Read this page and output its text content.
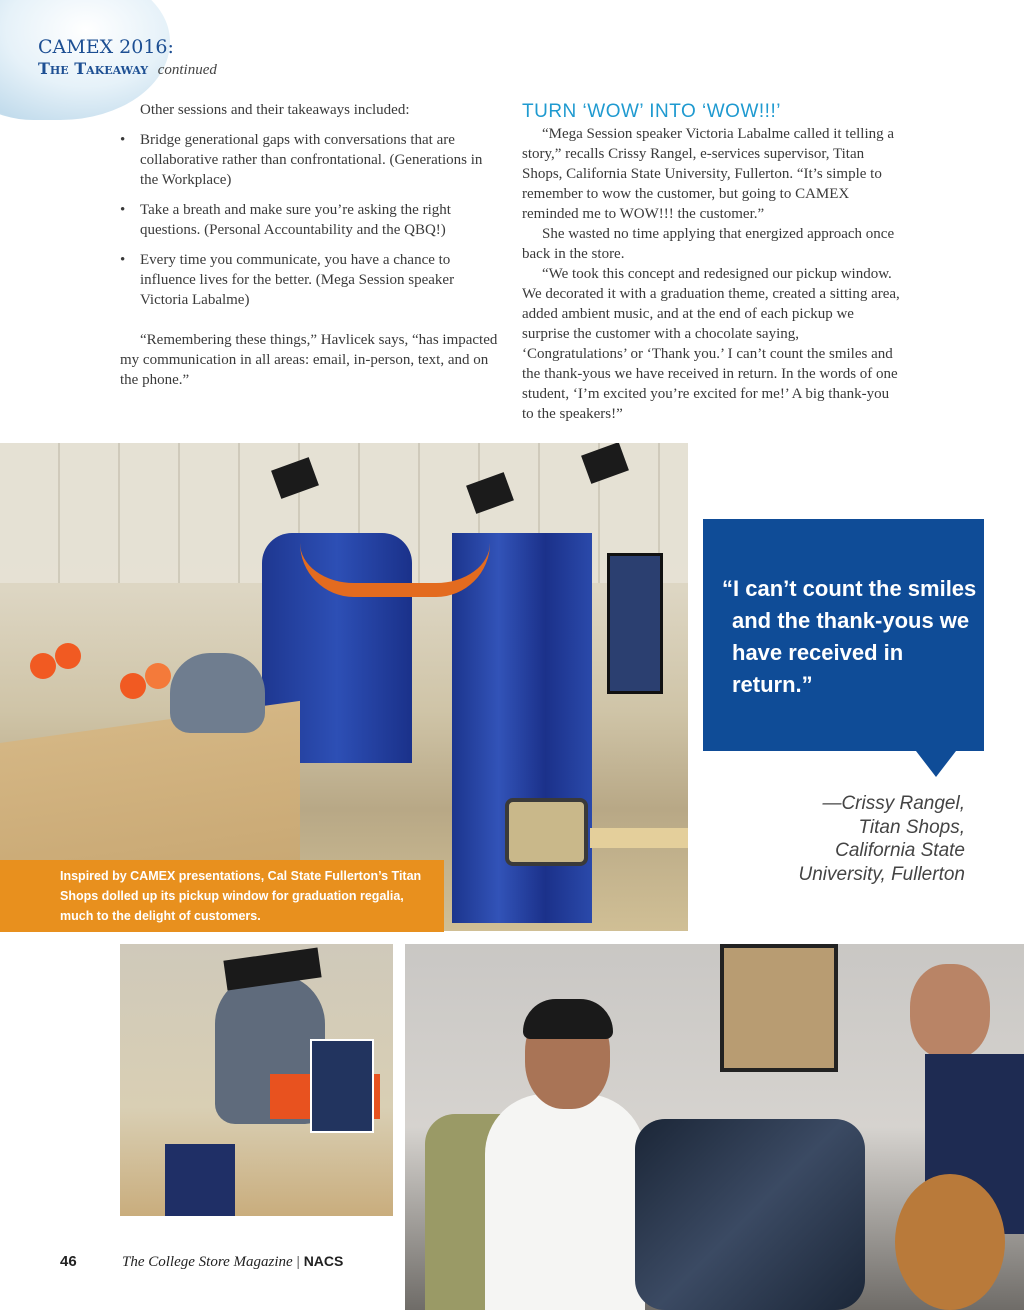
CAMEX 2016:
The Takeaway continued

Other sessions and their takeaways included:

• Bridge generational gaps with conversations that are collaborative rather than confrontational. (Generations in the Workplace)
• Take a breath and make sure you’re asking the right questions. (Personal Accountability and the QBQ!)
• Every time you communicate, you have a chance to influence lives for the better. (Mega Session speaker Victoria Labalme)

“Remembering these things,” Havlicek says, “has impacted my communication in all areas: email, in-person, text, and on the phone.”

TURN ‘WOW’ INTO ‘WOW!!!’

“Mega Session speaker Victoria Labalme called it telling a story,” recalls Crissy Rangel, e-services supervisor, Titan Shops, California State University, Fullerton. “It’s simple to remember to wow the customer, but going to CAMEX reminded me to WOW!!! the customer.”

She wasted no time applying that energized approach once back in the store.

“We took this concept and redesigned our pickup window. We decorated it with a graduation theme, created a sitting area, added ambient music, and at the end of each pickup we surprise the customer with a chocolate saying, ‘Congratulations’ or ‘Thank you.’ I can’t count the smiles and the thank-yous we have received in return. In the words of one student, ‘I’m excited you’re excited for me!’ A big thank-you to the speakers!”

Inspired by CAMEX presentations, Cal State Fullerton’s Titan Shops dolled up its pickup window for graduation regalia, much to the delight of customers.

“I can’t count the smiles and the thank-yous we have received in return.”

—Crissy Rangel,
Titan Shops,
California State
University, Fullerton

46	The College Store Magazine | NACS
